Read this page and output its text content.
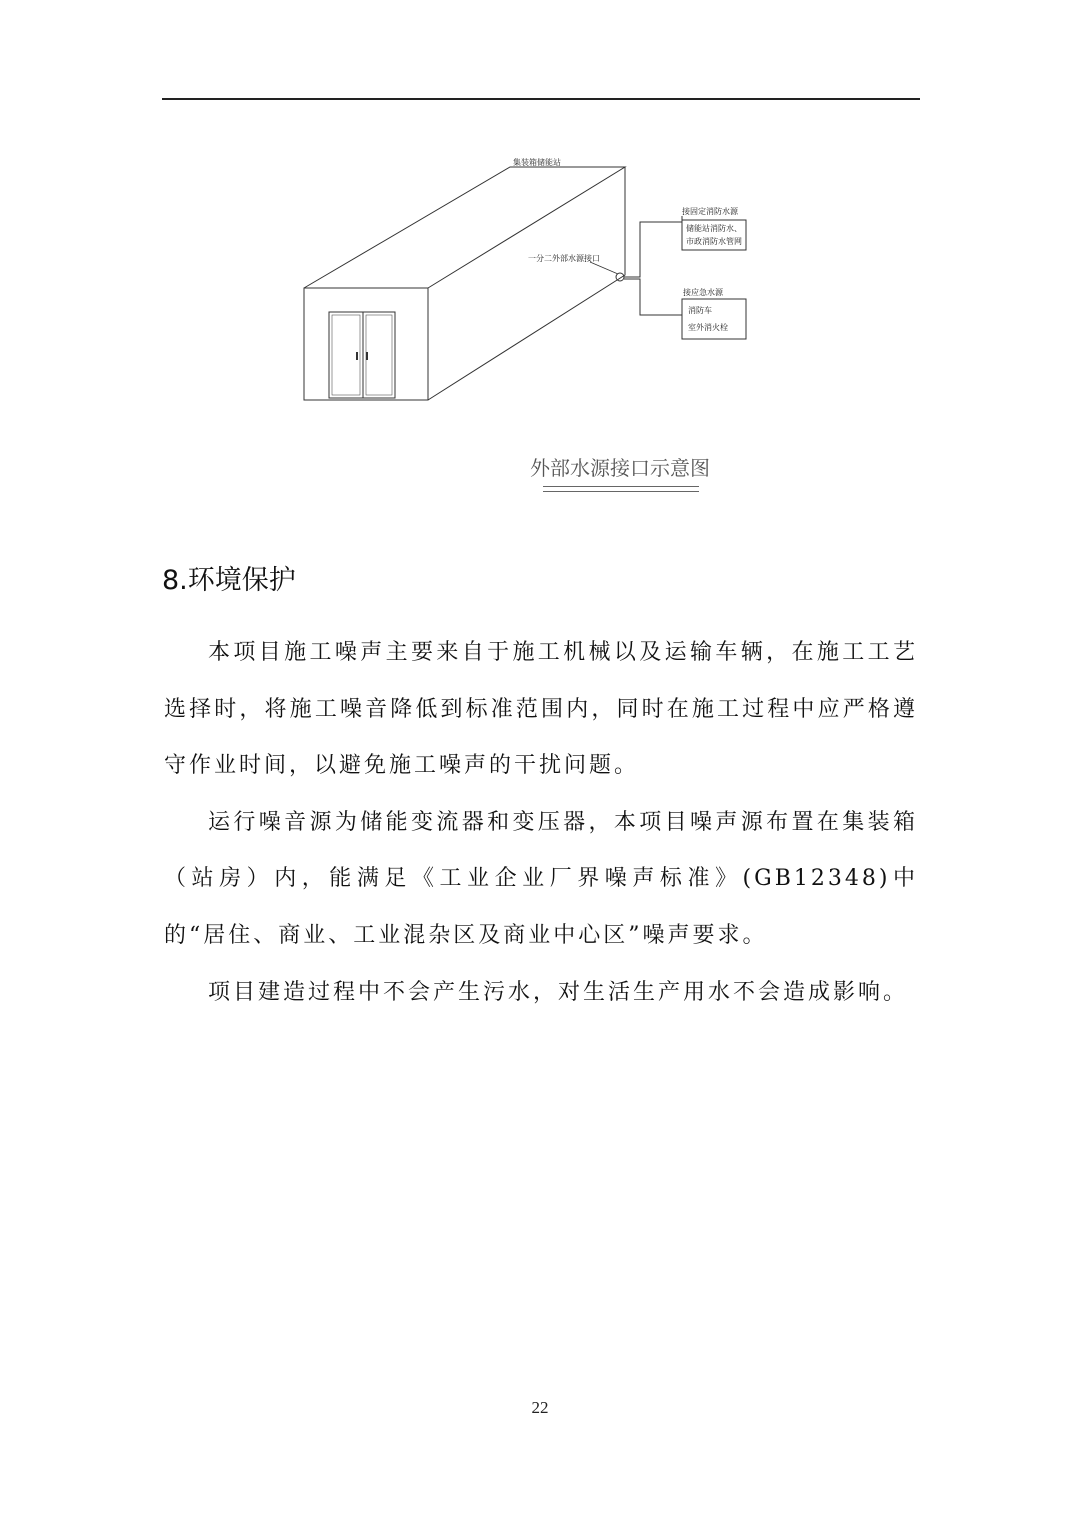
集装箱储能站
一分二外部水源接口
接固定消防水源
储能站消防水、
市政消防水管网
接应急水源
消防车
室外消火栓
外部水源接口示意图
8.环境保护

本项目施工噪声主要来自于施工机械以及运输车辆，在施工工艺选择时，将施工噪音降低到标准范围内，同时在施工过程中应严格遵守作业时间，以避免施工噪声的干扰问题。

运行噪音源为储能变流器和变压器，本项目噪声源布置在集装箱（站房）内，能满足《工业企业厂界噪声标准》(GB12348)中的“居住、商业、工业混杂区及商业中心区”噪声要求。

项目建造过程中不会产生污水，对生活生产用水不会造成影响。

22
